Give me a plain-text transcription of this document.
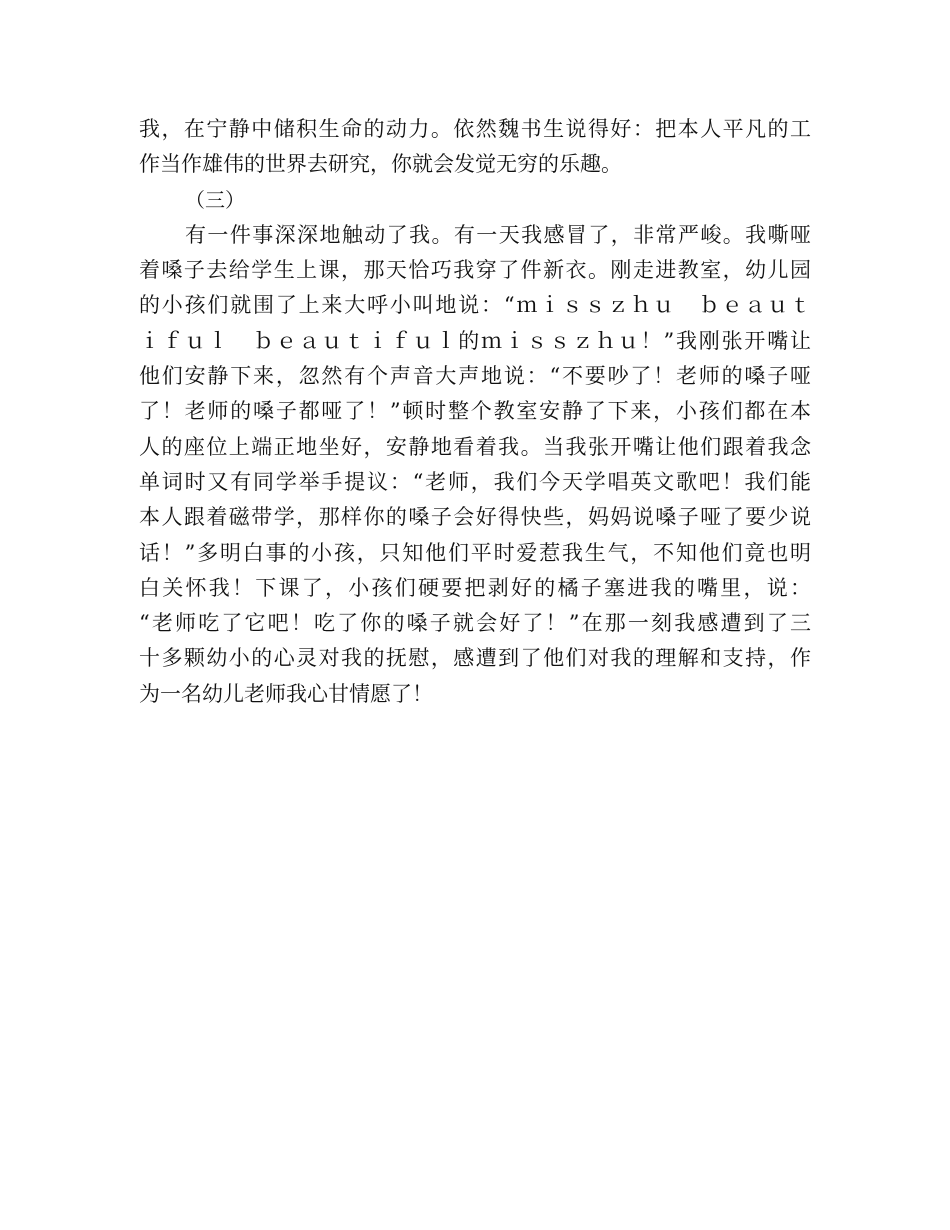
我，在宁静中储积生命的动力。依然魏书生说得好：把本人平凡的工
作当作雄伟的世界去研究，你就会发觉无穷的乐趣。
（三）
有一件事深深地触动了我。有一天我感冒了，非常严峻。我嘶哑
着嗓子去给学生上课，那天恰巧我穿了件新衣。刚走进教室，幼儿园
的小孩们就围了上来大呼小叫地说：“ｍｉｓｓｚｈｕ　ｂｅａｕｔ
ｉｆｕｌ　ｂｅａｕｔｉｆｕｌ的ｍｉｓｓｚｈｕ！”我刚张开嘴让
他们安静下来，忽然有个声音大声地说：“不要吵了！老师的嗓子哑
了！老师的嗓子都哑了！”顿时整个教室安静了下来，小孩们都在本
人的座位上端正地坐好，安静地看着我。当我张开嘴让他们跟着我念
单词时又有同学举手提议：“老师，我们今天学唱英文歌吧！我们能
本人跟着磁带学，那样你的嗓子会好得快些，妈妈说嗓子哑了要少说
话！”多明白事的小孩，只知他们平时爱惹我生气，不知他们竟也明
白关怀我！下课了，小孩们硬要把剥好的橘子塞进我的嘴里，说：
“老师吃了它吧！吃了你的嗓子就会好了！”在那一刻我感遭到了三
十多颗幼小的心灵对我的抚慰，感遭到了他们对我的理解和支持，作
为一名幼儿老师我心甘情愿了！
